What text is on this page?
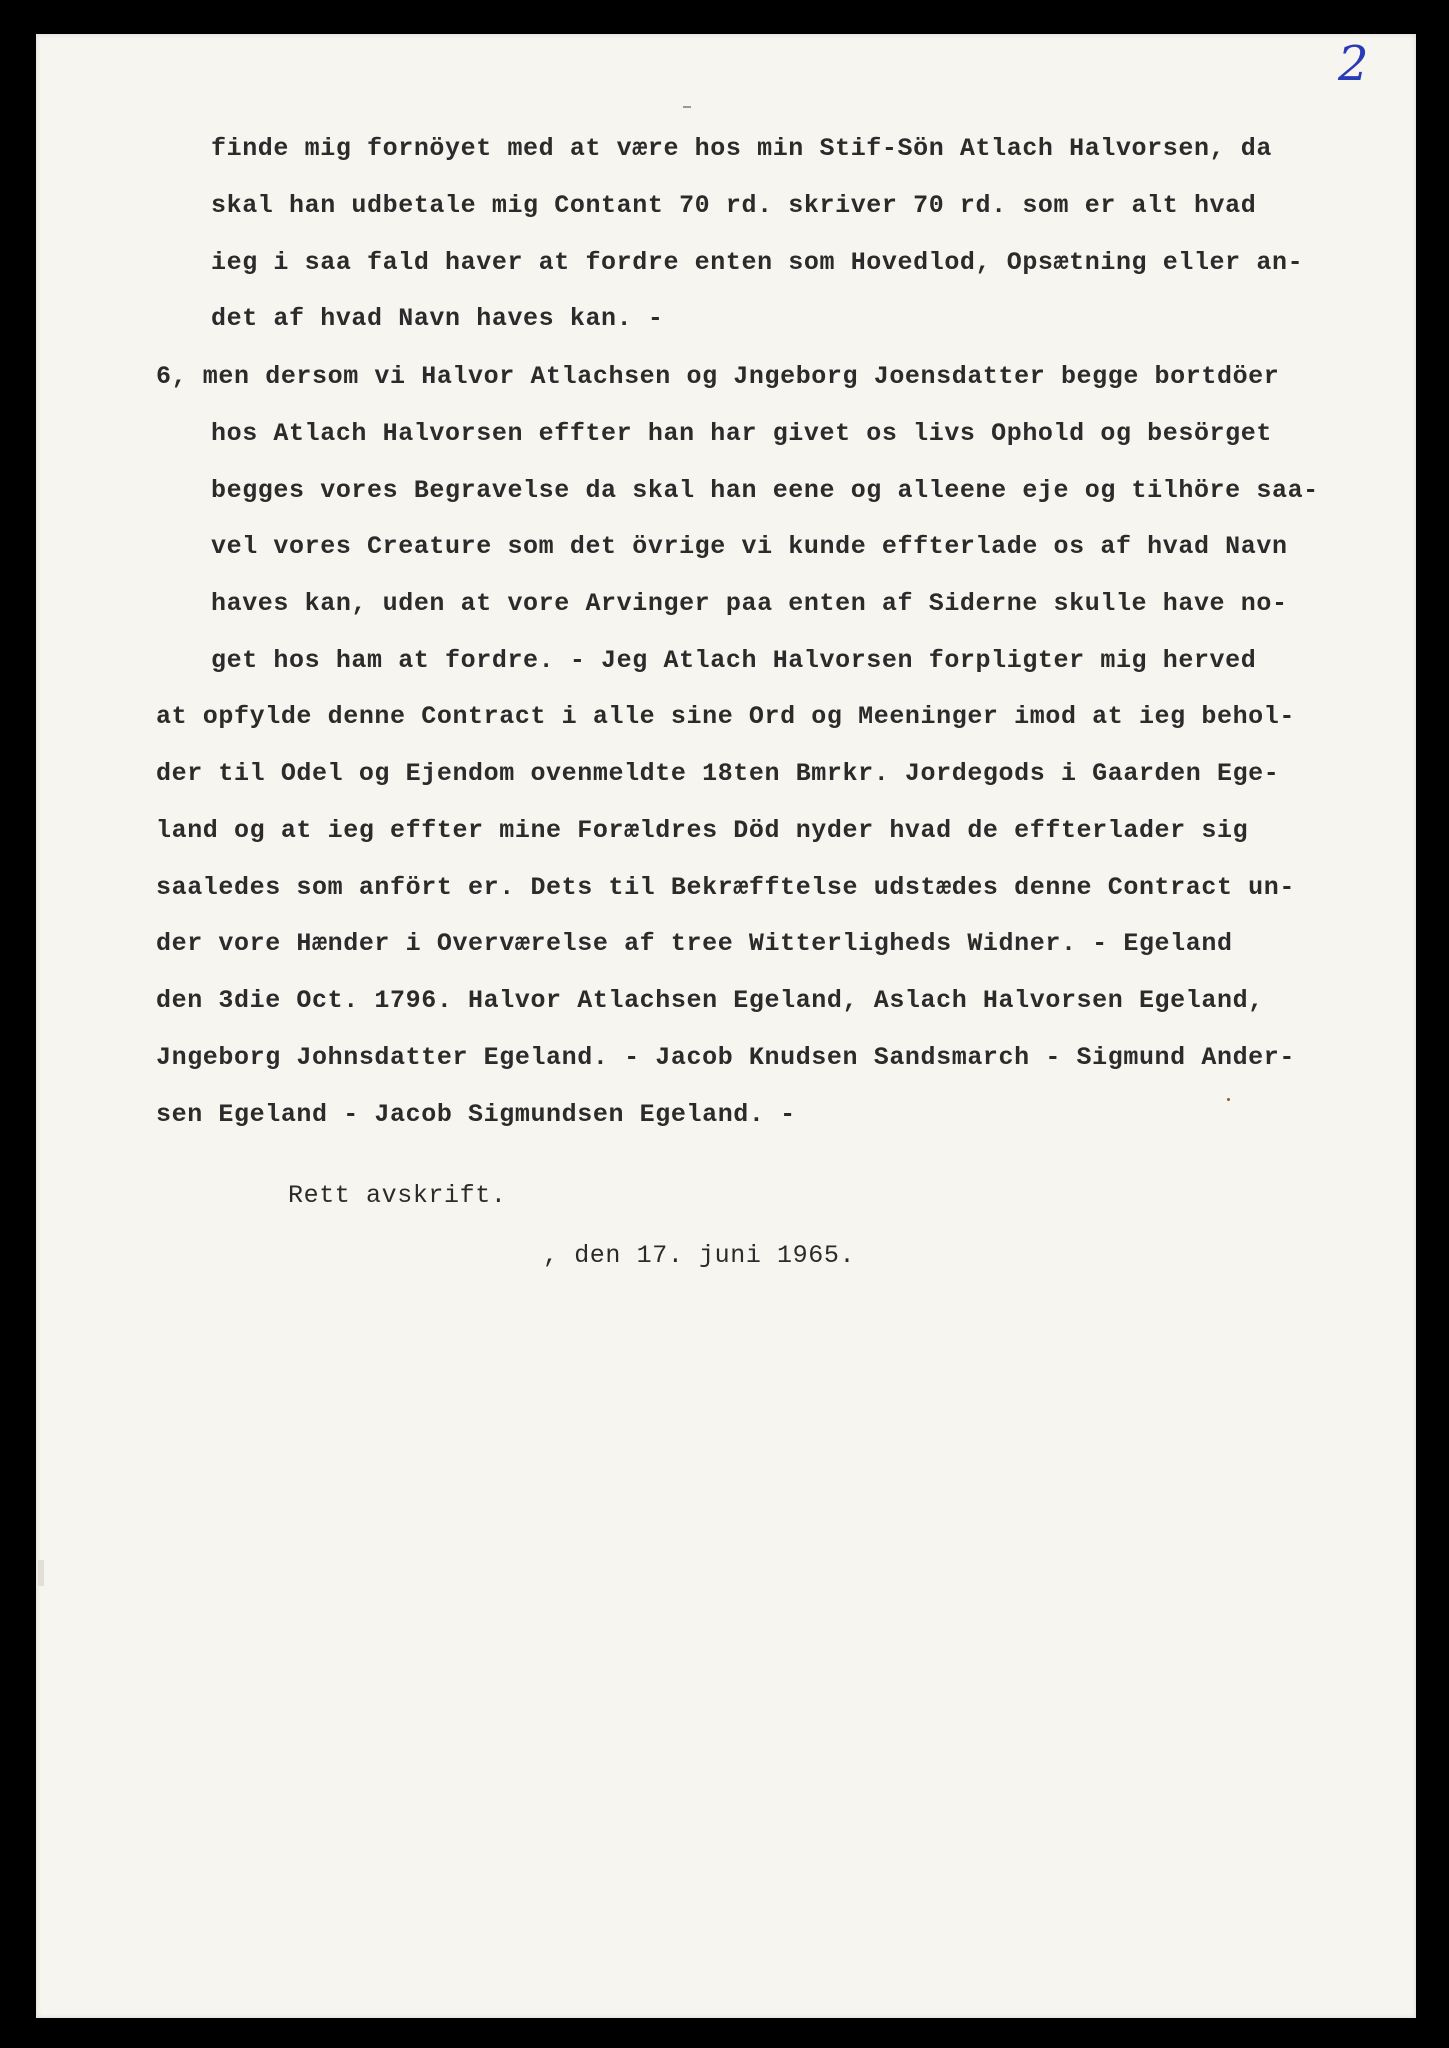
2
finde mig fornöyet med at være hos min Stif-Sön Atlach Halvorsen, da
skal han udbetale mig Contant 70 rd. skriver 70 rd. som er alt hvad
ieg i saa fald haver at fordre enten som Hovedlod, Opsætning eller an-
det af hvad Navn haves kan. -
6, men dersom vi Halvor Atlachsen og Jngeborg Joensdatter begge bortdöer
hos Atlach Halvorsen effter han har givet os livs Ophold og besörget
begges vores Begravelse da skal han eene og alleene eje og tilhöre saa-
vel vores Creature som det övrige vi kunde effterlade os af hvad Navn
haves kan, uden at vore Arvinger paa enten af Siderne skulle have no-
get hos ham at fordre. - Jeg Atlach Halvorsen forpligter mig herved
at opfylde denne Contract i alle sine Ord og Meeninger imod at ieg behol-
der til Odel og Ejendom ovenmeldte 18ten Bmrkr. Jordegods i Gaarden Ege-
land og at ieg effter mine Forældres Död nyder hvad de effterlader sig
saaledes som anfört er. Dets til Bekræfftelse udstædes denne Contract un-
der vore Hænder i Overværelse af tree Witterligheds Widner. - Egeland
den 3die Oct. 1796. Halvor Atlachsen Egeland, Aslach Halvorsen Egeland,
Jngeborg Johnsdatter Egeland. - Jacob Knudsen Sandsmarch - Sigmund Ander-
sen Egeland - Jacob Sigmundsen Egeland. -
Rett avskrift.
, den 17. juni 1965.
